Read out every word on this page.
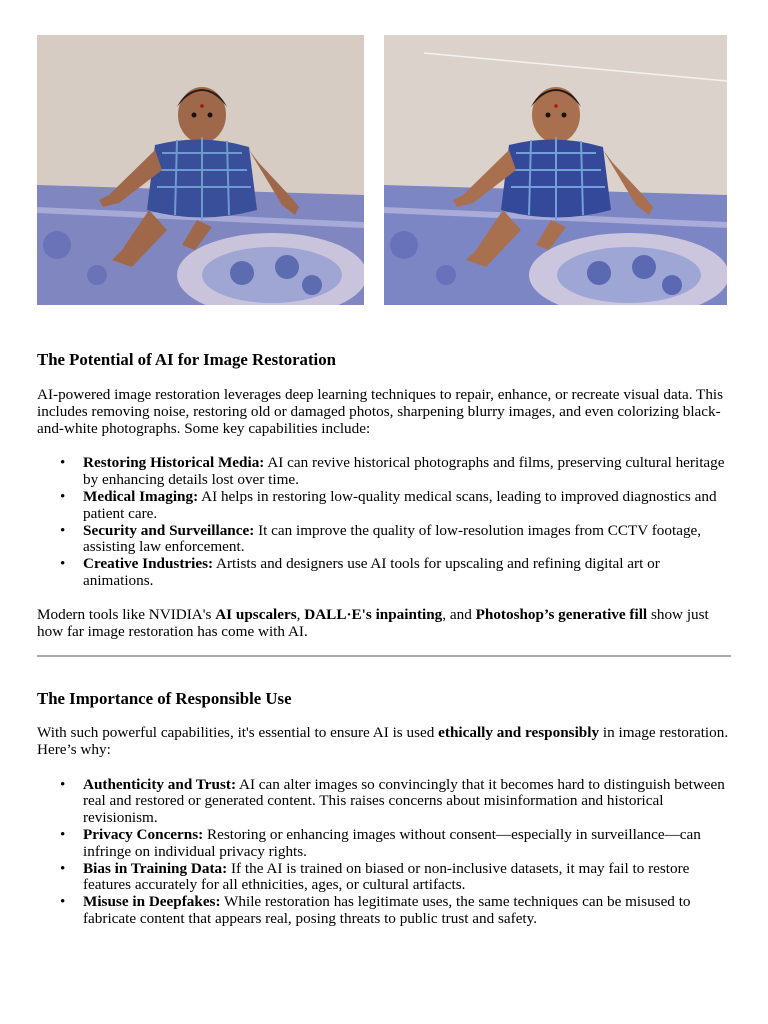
The Potential of AI for Image Restoration

AI-powered image restoration leverages deep learning techniques to repair, enhance, or recreate visual data. This includes removing noise, restoring old or damaged photos, sharpening blurry images, and even colorizing black-and-white photographs. Some key capabilities include:

• Restoring Historical Media: AI can revive historical photographs and films, preserving cultural heritage by enhancing details lost over time.
• Medical Imaging: AI helps in restoring low-quality medical scans, leading to improved diagnostics and patient care.
• Security and Surveillance: It can improve the quality of low-resolution images from CCTV footage, assisting law enforcement.
• Creative Industries: Artists and designers use AI tools for upscaling and refining digital art or animations.

Modern tools like NVIDIA's AI upscalers, DALL·E's inpainting, and Photoshop’s generative fill show just how far image restoration has come with AI.

The Importance of Responsible Use

With such powerful capabilities, it's essential to ensure AI is used ethically and responsibly in image restoration. Here’s why:

• Authenticity and Trust: AI can alter images so convincingly that it becomes hard to distinguish between real and restored or generated content. This raises concerns about misinformation and historical revisionism.
• Privacy Concerns: Restoring or enhancing images without consent—especially in surveillance—can infringe on individual privacy rights.
• Bias in Training Data: If the AI is trained on biased or non-inclusive datasets, it may fail to restore features accurately for all ethnicities, ages, or cultural artifacts.
• Misuse in Deepfakes: While restoration has legitimate uses, the same techniques can be misused to fabricate content that appears real, posing threats to public trust and safety.
